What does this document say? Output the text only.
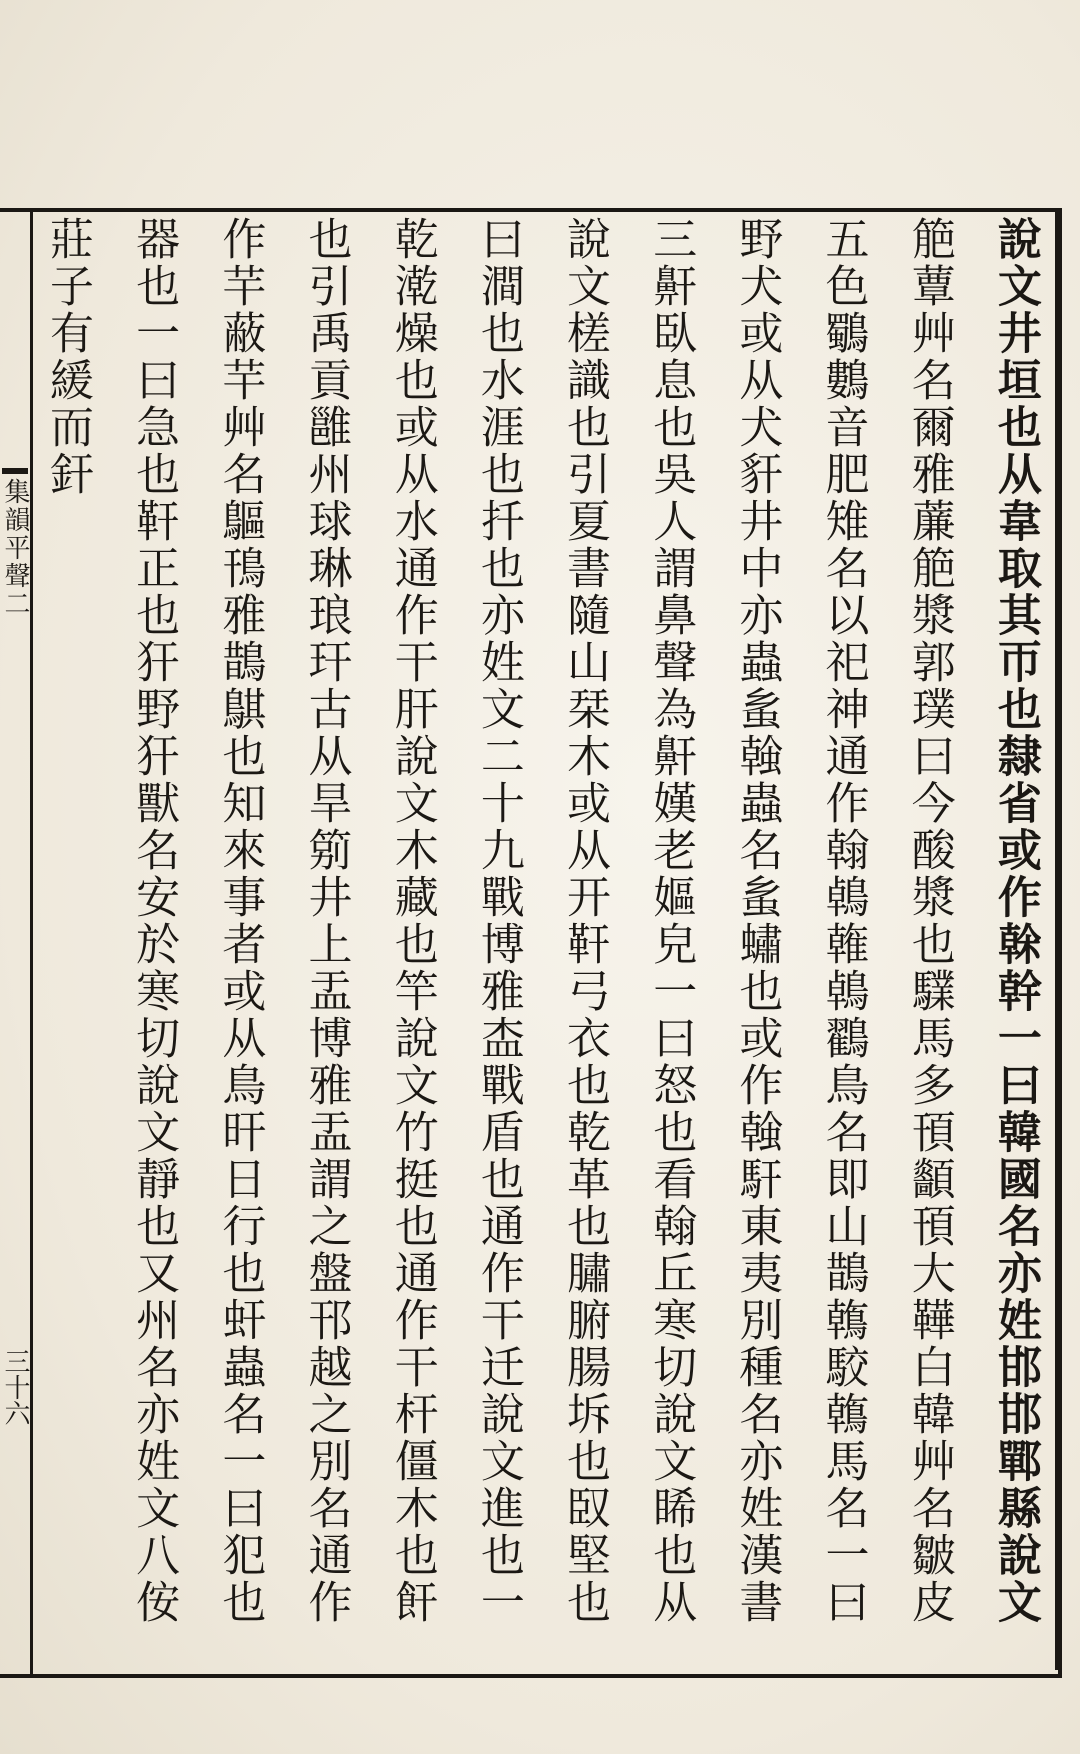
集韻平聲二
三十六
說文井垣也从韋取其帀也隸省或作榦幹一曰韓國名亦姓邯邯鄲縣說文
䈈蕈艸名爾雅薕䈈漿郭璞曰今酸漿也驜馬多頇顲頇大鞾白韓艸名皺皮
五色鸀鷜音肥雉名以祀神通作翰鵫雗鵫鸐鳥名即山鵲鶾駮鶾馬名一曰
野犬或从犬豻井中亦蟲蚃螒蟲名蚃蟰也或作螒馯東夷別種名亦姓漢書
三鼾臥息也吳人謂鼻聲為鼾嫨老嫗皃一曰怒也看翰丘寒切說文睎也从
說文槎識也引夏書隨山栞木或从开靬弓衣也乾革也䐹腑腸坼也臤堅也
曰澗也水涯也扦也亦姓文二十九戰博雅㭗戰盾也通作干迁說文進也一
乾漧燥也或从水通作干肝說文木藏也竿說文竹挺也通作干杆僵木也飦
也引禹貢雝州球琳琅玕古从旱䇷井上盂博雅盂謂之盤邗越之別名通作
作芉蔽芉艸名䳼鳱雅鵲鶀也知來事者或从鳥旰日行也虷蟲名一曰犯也
器也一曰急也靬正也犴野犴獸名安於寒切說文靜也又州名亦姓文八侒
莊子有緩而釬
